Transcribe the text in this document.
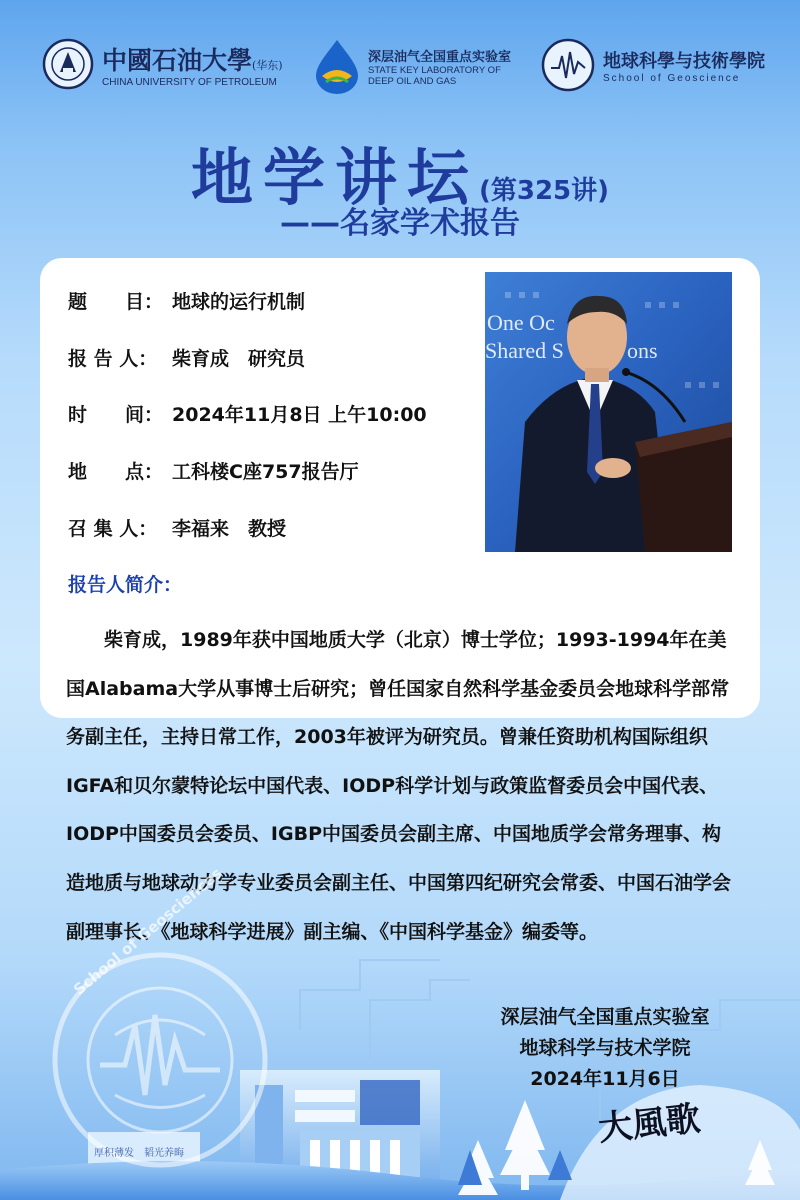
中國石油大學(华东)
CHINA UNIVERSITY OF PETROLEUM
深层油气全国重点实验室
STATE KEY LABORATORY OF
DEEP OIL AND GAS
地球科學与技術學院
School of Geoscience
地学讲坛(第325讲)
——名家学术报告
题　　目： 地球的运行机制
报 告 人： 柴育成　研究员
时　　间： 2024年11月8日 上午10:00
地　　点： 工科楼C座757报告厅
召 集 人： 李福来　教授
One Oc
Shared S	ons
报告人简介：
柴育成，1989年获中国地质大学（北京）博士学位；1993-1994年在美国Alabama大学从事博士后研究；曾任国家自然科学基金委员会地球科学部常务副主任，主持日常工作，2003年被评为研究员。曾兼任资助机构国际组织IGFA和贝尔蒙特论坛中国代表、IODP科学计划与政策监督委员会中国代表、IODP中国委员会委员、IGBP中国委员会副主席、中国地质学会常务理事、构造地质与地球动力学专业委员会副主任、中国第四纪研究会常委、中国石油学会副理事长、《地球科学进展》副主编、《中国科学基金》编委等。
School of Geosciences
厚积薄发　韬光养晦
大風歌
深层油气全国重点实验室
地球科学与技术学院
2024年11月6日
